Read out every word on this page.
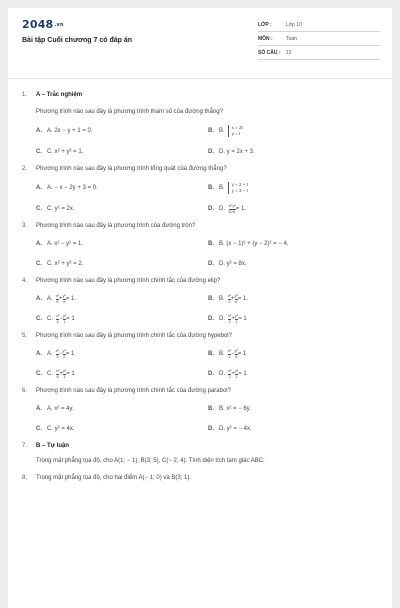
2048.vn
Bài tập Cuối chương 7 có đáp án
LỚP :	Lớp 10
MÔN :	Toán
SỐ CÂU :	12
1.	A – Trắc nghiệm
Phương trình nào sau đây là phương trình tham số của đường thẳng?
A. A. 2x − y + 1 = 0.	B. B.
x = 2t
y = t
C. C. x² + y² = 1.	D. D. y = 2x + 3.
2.	Phương trình nào sau đây là phương trình tổng quát của đường thẳng?
A. A. − x − 2y + 3 = 0.	B. B.
y = 2 + t
y = 3 − t
C. C. y² = 2x.	D. D. $\frac{\text{x²}}{10} \frac{\text{y²}}{6} = 1$.
3.	Phương trình nào sau đây là phương trình của đường tròn?
A. A. x² − y² = 1.	B. B. (x − 1)² + (y − 2)² = − 4.
C. C. x² + y² = 2.	D. D. y² = 8x.
4.	Phương trình nào sau đây là phương trình chính tắc của đường elip?
A. A. $\frac{\text{x²}}{9} + \frac{\text{y²}}{9} = 1$.	B. B. $\frac{\text{x²}}{1} + \frac{\text{y²}}{6} = 1$.
C. C. $\frac{\text{x²}}{4} - \frac{\text{y²}}{1} = 1$	D. D. $\frac{\text{x²}}{2} + \frac{\text{y²}}{1} = 1$
5.	Phương trình nào sau đây là phương trình chính tắc của đường hypebol?
A. A. $\frac{\text{x²}}{3} - \frac{\text{y²}}{2} = 1$	B. B. $\frac{\text{x²}}{1} - \frac{\text{y²}}{6} = 1$
C. C. $\frac{\text{x²}}{6} + \frac{\text{y²}}{1} = 1$	D. D. $\frac{\text{x²}}{2} + \frac{\text{y²}}{1} = 1$
6.	Phương trình nào sau đây là phương trình chính tắc của đường parabol?
A. A. x² = 4y.	B. B. x² = − 6y.
C. C. y² = 4x.	D. D. y² = − 4x.
7.	B – Tự luận
Trong mặt phẳng tọa độ, cho A(1; − 1), B(3; 5), C(− 2; 4). Tính diện tích tam giác ABC.
8.	Trong mặt phẳng tọa độ, cho hai điểm A(− 1; 0) và B(3; 1).
